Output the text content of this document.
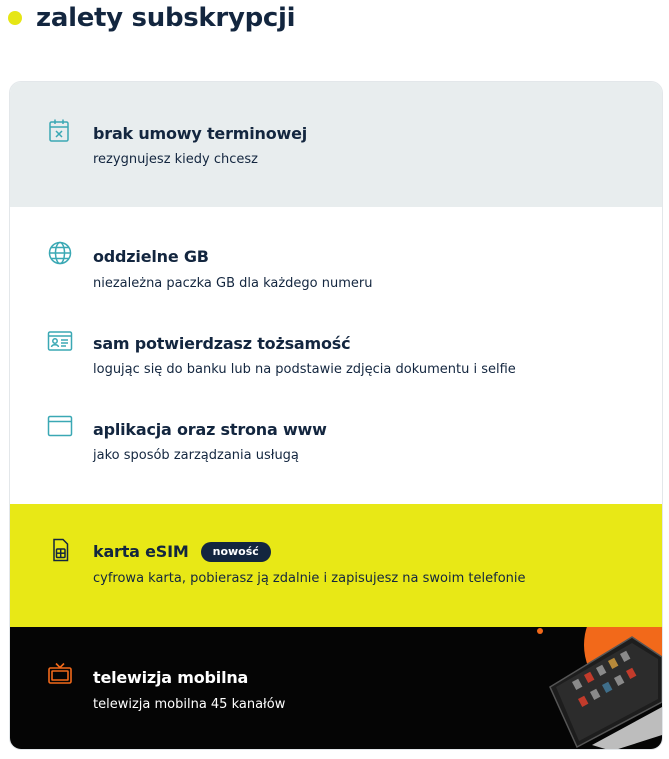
zalety subskrypcji
brak umowy terminowej
rezygnujesz kiedy chcesz
oddzielne GB
niezależna paczka GB dla każdego numeru
sam potwierdzasz tożsamość
logując się do banku lub na podstawie zdjęcia dokumentu i selfie
aplikacja oraz strona www
jako sposób zarządzania usługą
karta eSIM nowość
cyfrowa karta, pobierasz ją zdalnie i zapisujesz na swoim telefonie
telewizja mobilna
telewizja mobilna 45 kanałów
